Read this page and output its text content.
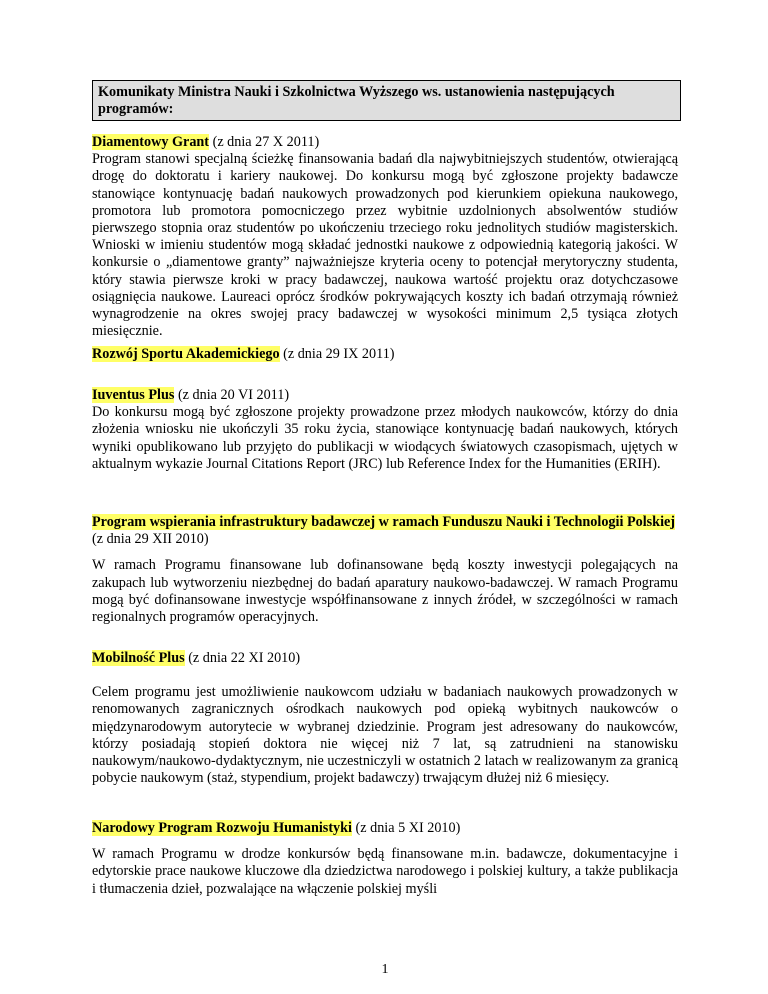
Komunikaty Ministra Nauki i Szkolnictwa Wyższego ws. ustanowienia następujących programów:

Diamentowy Grant (z dnia 27 X 2011)

Program stanowi specjalną ścieżkę finansowania badań dla najwybitniejszych studentów, otwierającą drogę do doktoratu i kariery naukowej. Do konkursu mogą być zgłoszone projekty badawcze stanowiące kontynuację badań naukowych prowadzonych pod kierunkiem opiekuna naukowego, promotora lub promotora pomocniczego przez wybitnie uzdolnionych absolwentów studiów pierwszego stopnia oraz studentów po ukończeniu trzeciego roku jednolitych studiów magisterskich. Wnioski w imieniu studentów mogą składać jednostki naukowe z odpowiednią kategorią jakości. W konkursie o „diamentowe granty” najważniejsze kryteria oceny to potencjał merytoryczny studenta, który stawia pierwsze kroki w pracy badawczej, naukowa wartość projektu oraz dotychczasowe osiągnięcia naukowe. Laureaci oprócz środków pokrywających koszty ich badań otrzymają również wynagrodzenie na okres swojej pracy badawczej w wysokości minimum 2,5 tysiąca złotych miesięcznie.

Rozwój Sportu Akademickiego (z dnia 29 IX 2011)

Iuventus Plus (z dnia 20 VI 2011)

Do konkursu mogą być zgłoszone projekty prowadzone przez młodych naukowców, którzy do dnia złożenia wniosku nie ukończyli 35 roku życia, stanowiące kontynuację badań naukowych, których wyniki opublikowano lub przyjęto do publikacji w wiodących światowych czasopismach, ujętych w aktualnym wykazie Journal Citations Report (JRC) lub Reference Index for the Humanities (ERIH).

Program wspierania infrastruktury badawczej w ramach Funduszu Nauki i Technologii Polskiej (z dnia 29 XII 2010)

W ramach Programu finansowane lub dofinansowane będą koszty inwestycji polegających na zakupach lub wytworzeniu niezbędnej do badań aparatury naukowo-badawczej. W ramach Programu mogą być dofinansowane inwestycje współfinansowane z innych źródeł, w szczególności w ramach regionalnych programów operacyjnych.

Mobilność Plus (z dnia 22 XI 2010)

Celem programu jest umożliwienie naukowcom udziału w badaniach naukowych prowadzonych w renomowanych zagranicznych ośrodkach naukowych pod opieką wybitnych naukowców o międzynarodowym autorytecie w wybranej dziedzinie. Program jest adresowany do naukowców, którzy posiadają stopień doktora nie więcej niż 7 lat, są zatrudnieni na stanowisku naukowym/naukowo-dydaktycznym, nie uczestniczyli w ostatnich 2 latach w realizowanym za granicą pobycie naukowym (staż, stypendium, projekt badawczy) trwającym dłużej niż 6 miesięcy.

Narodowy Program Rozwoju Humanistyki (z dnia 5 XI 2010)

W ramach Programu w drodze konkursów będą finansowane m.in. badawcze, dokumentacyjne i edytorskie prace naukowe kluczowe dla dziedzictwa narodowego i polskiej kultury, a także publikacja i tłumaczenia dzieł, pozwalające na włączenie polskiej myśli

1
